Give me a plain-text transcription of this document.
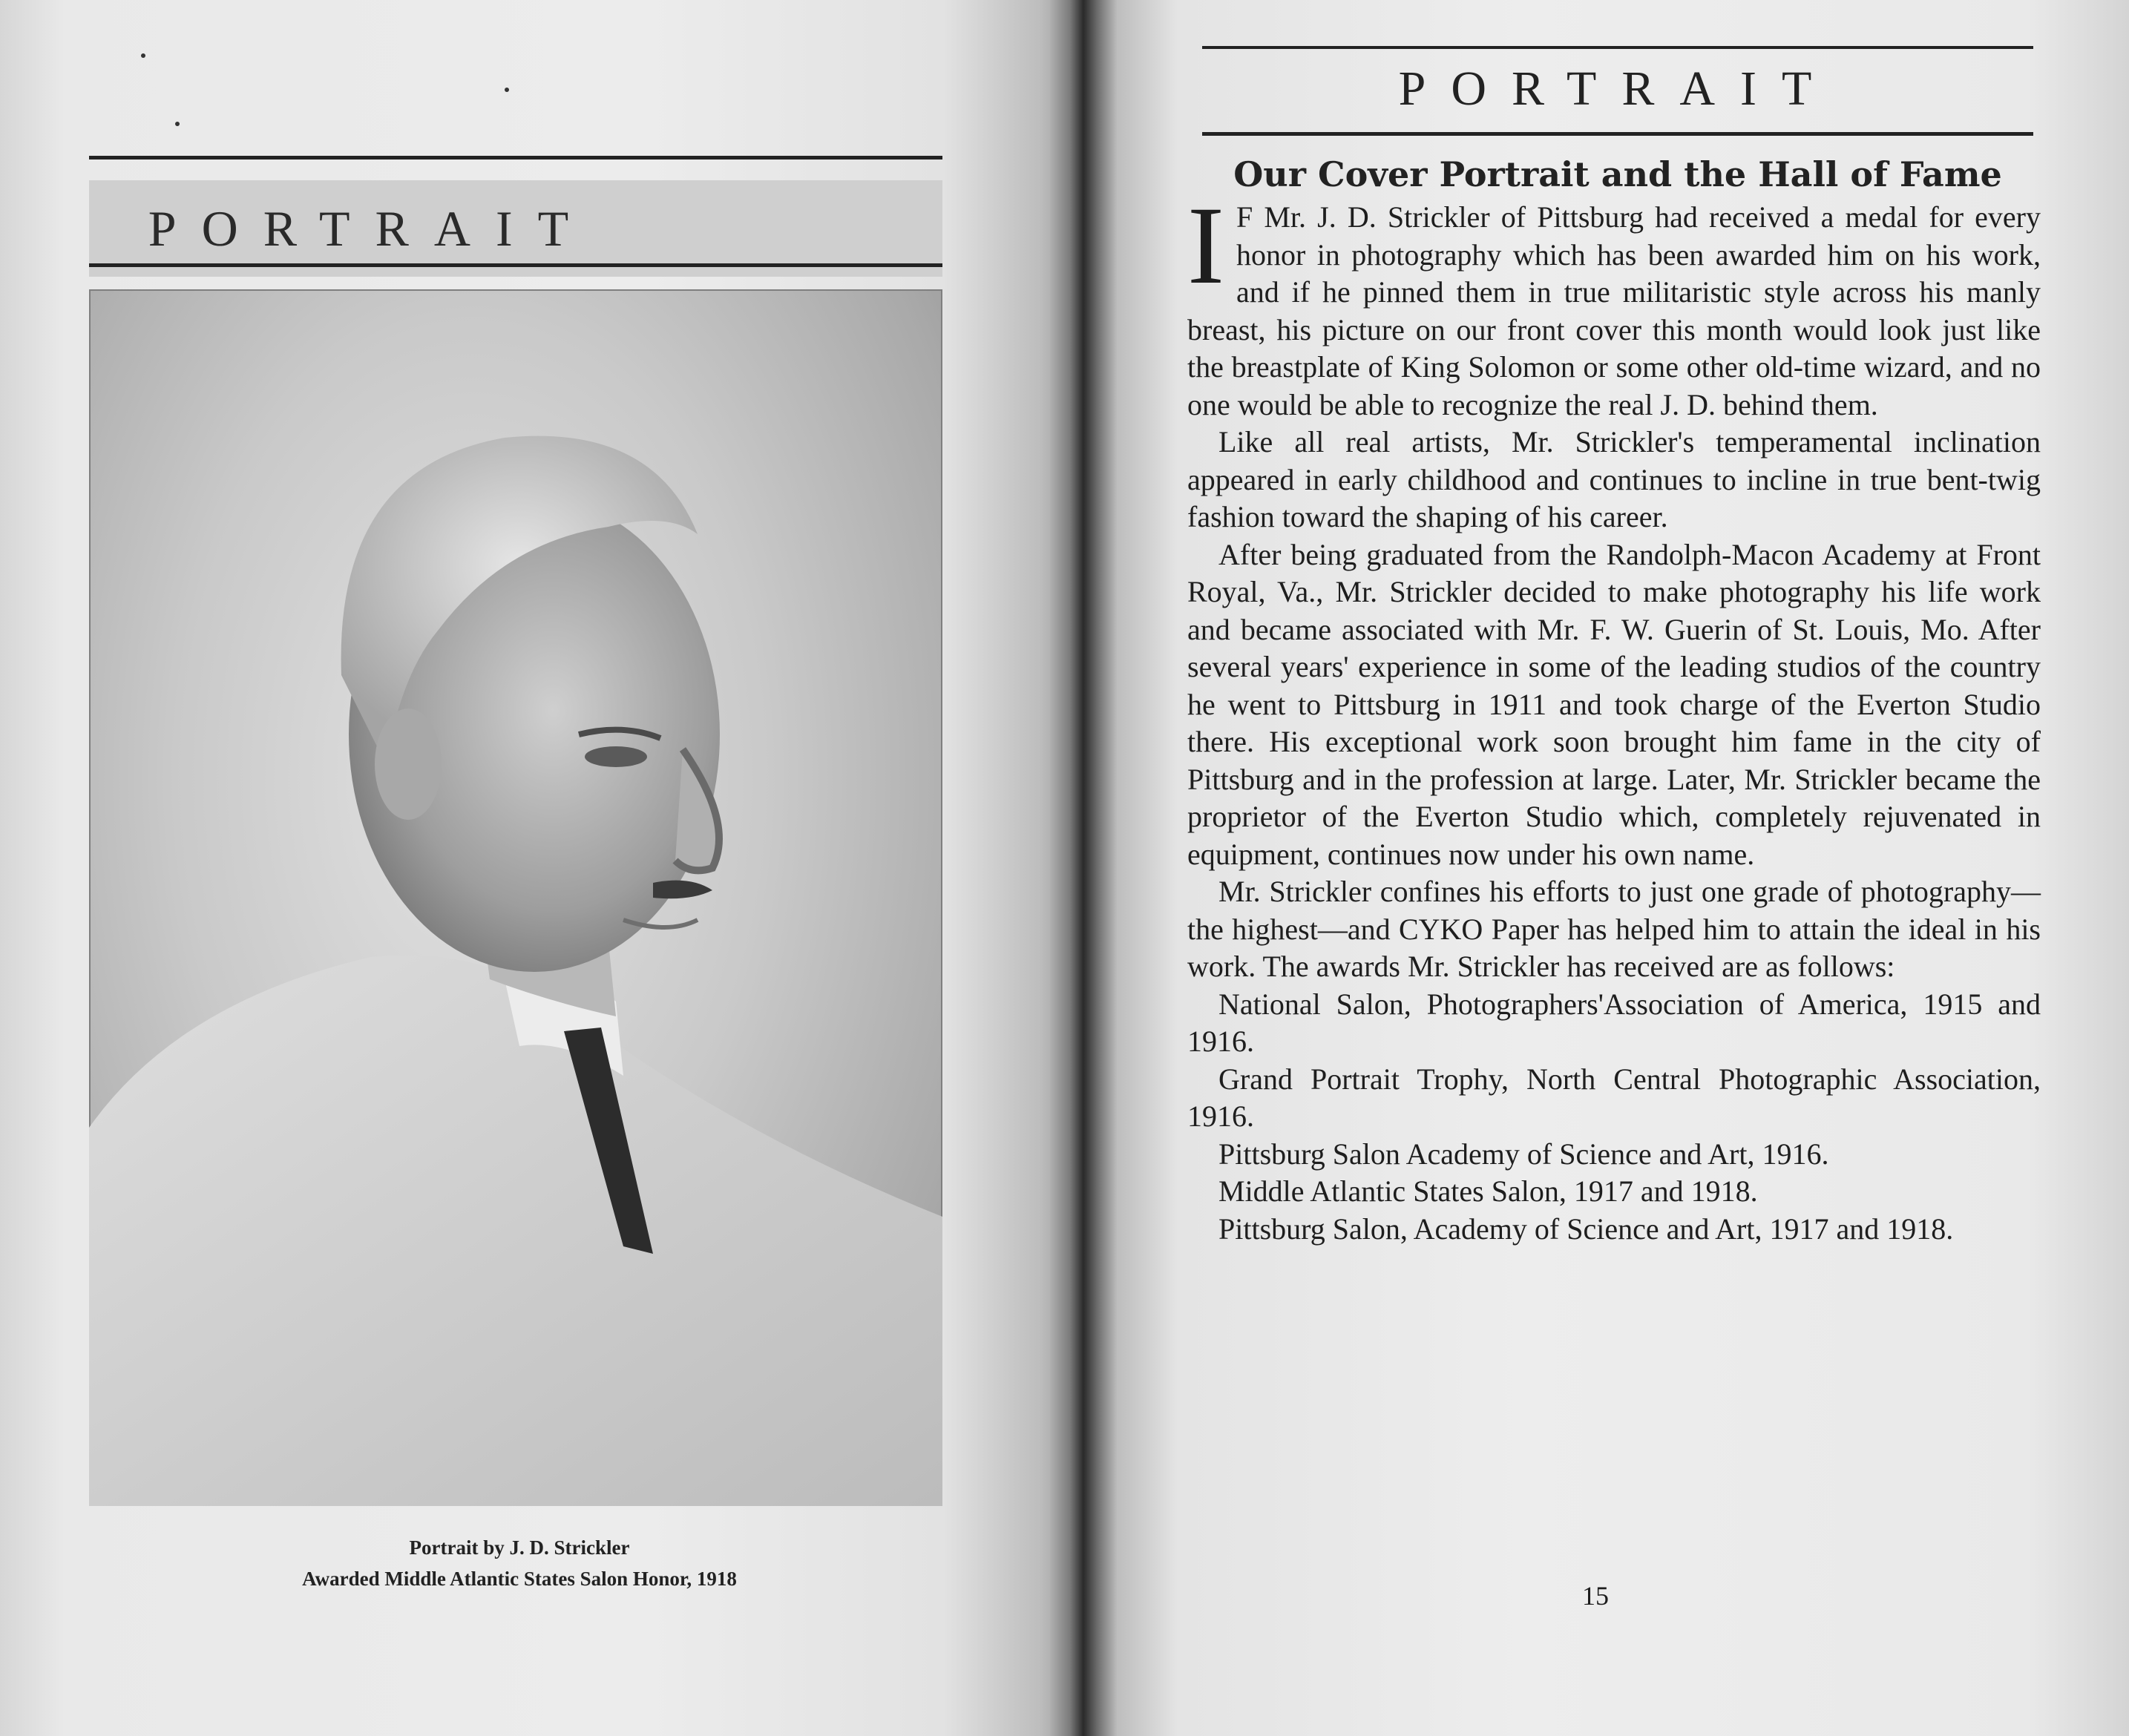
PORTRAIT
Portrait by J. D. Strickler
Awarded Middle Atlantic States Salon Honor, 1918
PORTRAIT
Our Cover Portrait and the Hall of Fame

I F Mr. J. D. Strickler of Pittsburg had received a medal for every honor in photography which has been awarded him on his work, and if he pinned them in true militaristic style across his manly breast, his picture on our front cover this month would look just like the breastplate of King Solomon or some other old-time wizard, and no one would be able to recognize the real J. D. behind them.

Like all real artists, Mr. Strickler's temperamental inclination appeared in early childhood and continues to incline in true bent-twig fashion toward the shaping of his career.

After being graduated from the Randolph-Macon Academy at Front Royal, Va., Mr. Strickler decided to make photography his life work and became associated with Mr. F. W. Guerin of St. Louis, Mo. After several years' experience in some of the leading studios of the country he went to Pittsburg in 1911 and took charge of the Everton Studio there. His exceptional work soon brought him fame in the city of Pittsburg and in the profession at large. Later, Mr. Strickler became the proprietor of the Everton Studio which, completely rejuvenated in equipment, continues now under his own name.

Mr. Strickler confines his efforts to just one grade of photography—the highest—and CYKO Paper has helped him to attain the ideal in his work. The awards Mr. Strickler has received are as follows:

National Salon, Photographers'Association of America, 1915 and 1916.

Grand Portrait Trophy, North Central Photographic Association, 1916.

Pittsburg Salon Academy of Science and Art, 1916.

Middle Atlantic States Salon, 1917 and 1918.

Pittsburg Salon, Academy of Science and Art, 1917 and 1918.

15
